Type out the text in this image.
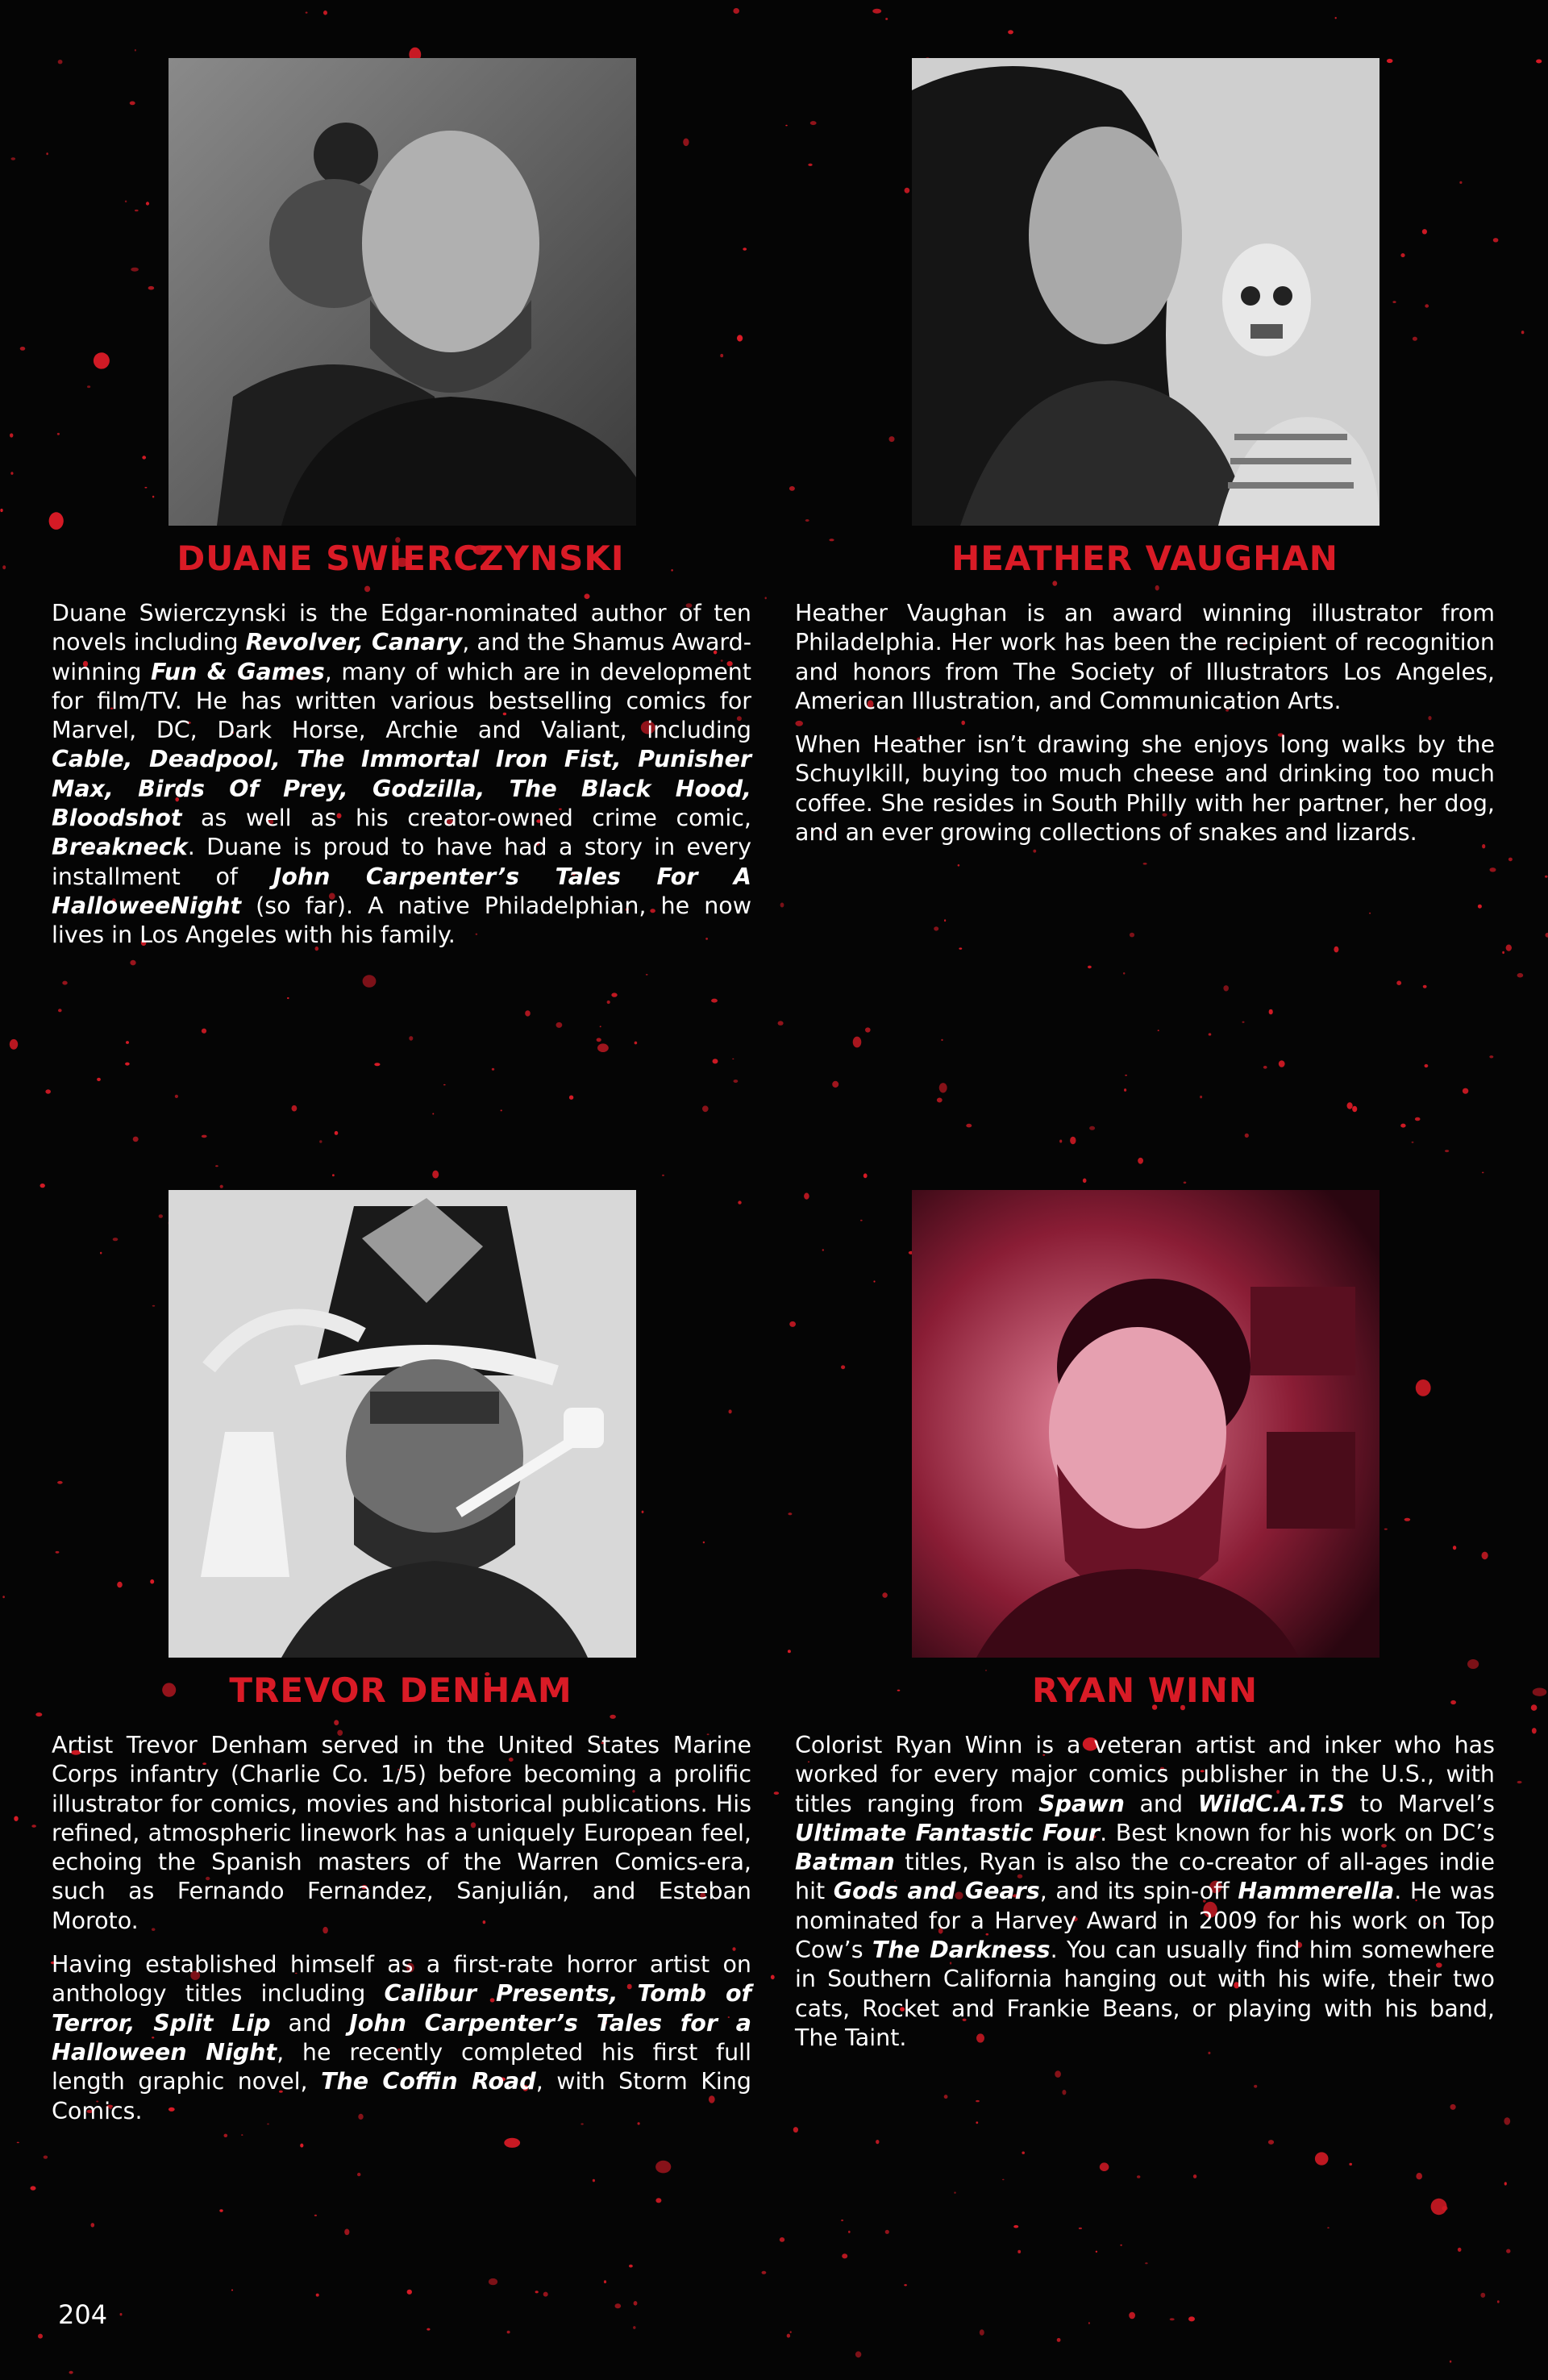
DUANE SWIERCZYNSKI	HEATHER VAUGHAN
TREVOR DENHAM	RYAN WINN

Duane Swierczynski is the Edgar-nominated author of ten novels including Revolver, Canary, and the Shamus Award-winning Fun & Games, many of which are in development for film/TV. He has written various bestselling comics for Marvel, DC, Dark Horse, Archie and Valiant, including Cable, Deadpool, The Immortal Iron Fist, Punisher Max, Birds Of Prey, Godzilla, The Black Hood, Bloodshot as well as his creator-owned crime comic, Breakneck. Duane is proud to have had a story in every installment of John Carpenter’s Tales For A HalloweeNight (so far). A native Philadelphian, he now lives in Los Angeles with his family.

Heather Vaughan is an award winning illustrator from Philadelphia. Her work has been the recipient of recognition and honors from The Society of Illustrators Los Angeles, American Illustration, and Communication Arts.

When Heather isn’t drawing she enjoys long walks by the Schuylkill, buying too much cheese and drinking too much coffee. She resides in South Philly with her partner, her dog, and an ever growing collections of snakes and lizards.

Artist Trevor Denham served in the United States Marine Corps infantry (Charlie Co. 1/5) before becoming a prolific illustrator for comics, movies and historical publications. His refined, atmospheric linework has a uniquely European feel, echoing the Spanish masters of the Warren Comics-era, such as Fernando Fernandez, Sanjulián, and Esteban Moroto.

Having established himself as a first-rate horror artist on anthology titles including Calibur Presents, Tomb of Terror, Split Lip and John Carpenter’s Tales for a Halloween Night, he recently completed his first full length graphic novel, The Coffin Road, with Storm King Comics.

Colorist Ryan Winn is a veteran artist and inker who has worked for every major comics publisher in the U.S., with titles ranging from Spawn and WildC.A.T.S to Marvel’s Ultimate Fantastic Four. Best known for his work on DC’s Batman titles, Ryan is also the co-creator of all-ages indie hit Gods and Gears, and its spin-off Hammerella. He was nominated for a Harvey Award in 2009 for his work on Top Cow’s The Darkness. You can usually find him somewhere in Southern California hanging out with his wife, their two cats, Rocket and Frankie Beans, or playing with his band, The Taint.

204
